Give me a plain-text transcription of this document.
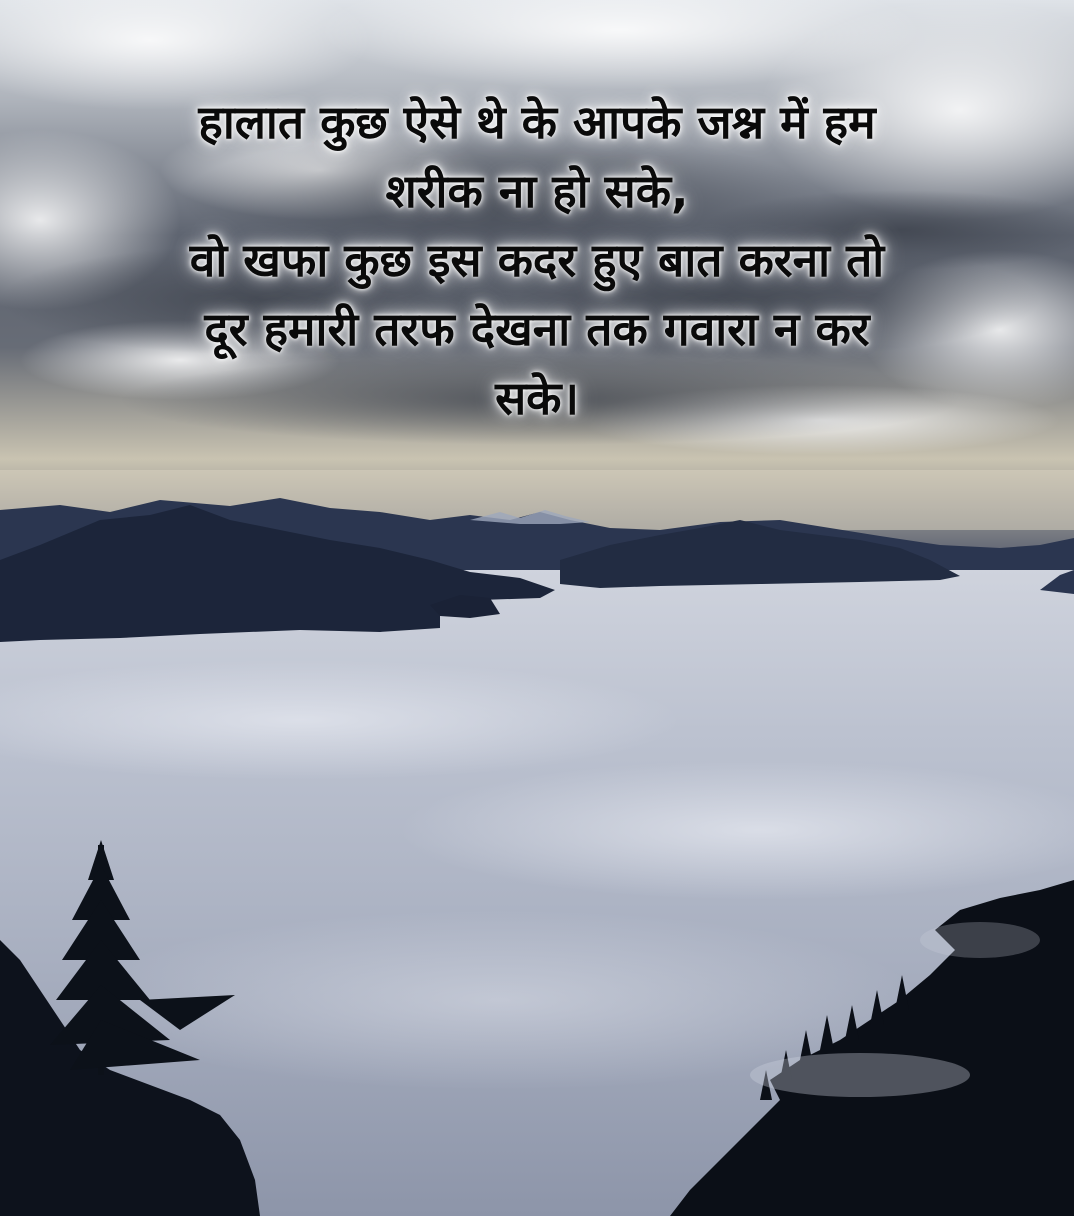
हालात कुछ ऐसे थे के आपके जश्न में हम
शरीक ना हो सके,
वो खफा कुछ इस कदर हुए बात करना तो
दूर हमारी तरफ देखना तक गवारा न कर
सके।
